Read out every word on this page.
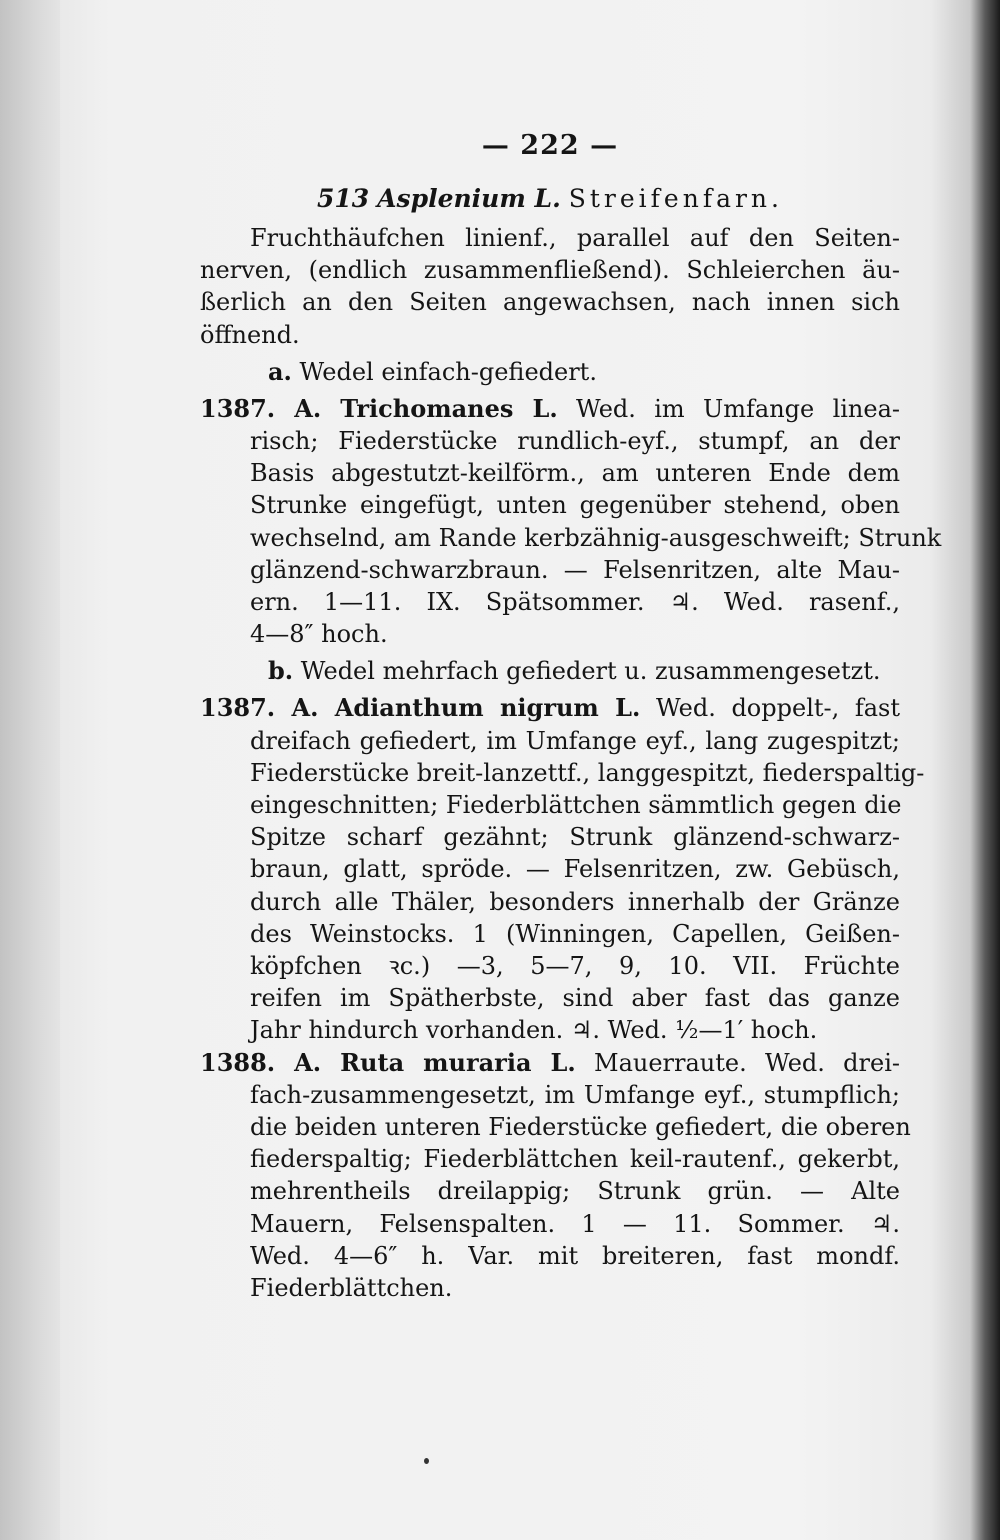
— 222 —
513 Asplenium L. Streifenfarn.
Fruchthäufchen linienf., parallel auf den Seiten-
nerven, (endlich zusammenfließend). Schleierchen äu-
ßerlich an den Seiten angewachsen, nach innen sich
öffnend.
a. Wedel einfach-gefiedert.
1387. A. Trichomanes L. Wed. im Umfange linea-
risch; Fiederstücke rundlich-eyf., stumpf, an der
Basis abgestutzt-keilförm., am unteren Ende dem
Strunke eingefügt, unten gegenüber stehend, oben
wechselnd, am Rande kerbzähnig-ausgeschweift; Strunk
glänzend-schwarzbraun. — Felsenritzen, alte Mau-
ern. 1—11. IX. Spätsommer. ♃. Wed. rasenf.,
4—8″ hoch.
b. Wedel mehrfach gefiedert u. zusammengesetzt.
1387. A. Adianthum nigrum L. Wed. doppelt-, fast
dreifach gefiedert, im Umfange eyf., lang zugespitzt;
Fiederstücke breit-lanzettf., langgespitzt, fiederspaltig-
eingeschnitten; Fiederblättchen sämmtlich gegen die
Spitze scharf gezähnt; Strunk glänzend-schwarz-
braun, glatt, spröde. — Felsenritzen, zw. Gebüsch,
durch alle Thäler, besonders innerhalb der Gränze
des Weinstocks. 1 (Winningen, Capellen, Geißen-
köpfchen ꝛc.) —3, 5—7, 9, 10. VII. Früchte
reifen im Spätherbste, sind aber fast das ganze
Jahr hindurch vorhanden. ♃. Wed. ½—1′ hoch.
1388. A. Ruta muraria L. Mauerraute. Wed. drei-
fach-zusammengesetzt, im Umfange eyf., stumpflich;
die beiden unteren Fiederstücke gefiedert, die oberen
fiederspaltig; Fiederblättchen keil-rautenf., gekerbt,
mehrentheils dreilappig; Strunk grün. — Alte
Mauern, Felsenspalten. 1 — 11. Sommer. ♃.
Wed. 4—6″ h. Var. mit breiteren, fast mondf.
Fiederblättchen.
